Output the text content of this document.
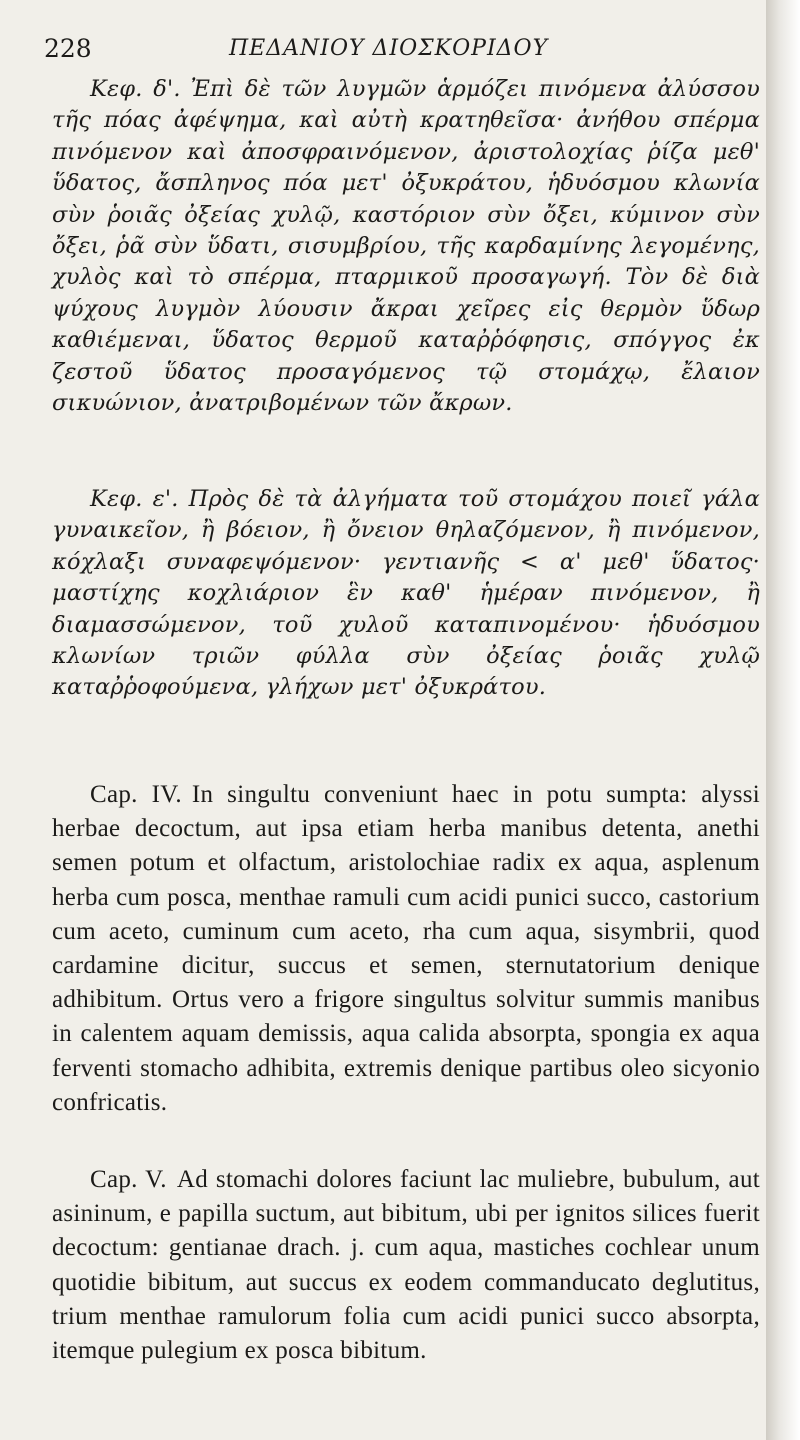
228	ΠΕΔΑΝΙΟΥ ΔΙΟΣΚΟΡΙΔΟΥ

Κεφ. δ'. Ἐπὶ δὲ τῶν λυγμῶν ἁρμόζει πινόμενα ἀλύσσου τῆς πόας ἀφέψημα, καὶ αὐτὴ κρατηθεῖσα· ἀνήθου σπέρμα πινόμενον καὶ ἀποσφραινόμενον, ἀριστολοχίας ῥίζα μεθ' ὕδατος, ἄσπληνος πόα μετ' ὀξυκράτου, ἡδυόσμου κλωνία σὺν ῥοιᾶς ὀξείας χυλῷ, καστόριον σὺν ὄξει, κύμινον σὺν ὄξει, ῥᾶ σὺν ὕδατι, σισυμβρίου, τῆς καρδαμίνης λεγομένης, χυλὸς καὶ τὸ σπέρμα, πταρμικοῦ προσαγωγή. Τὸν δὲ διὰ ψύχους λυγμὸν λύουσιν ἄκραι χεῖρες εἰς θερμὸν ὕδωρ καθιέμεναι, ὕδατος θερμοῦ καταῤῥόφησις, σπόγγος ἐκ ζεστοῦ ὕδατος προσαγόμενος τῷ στομάχῳ, ἔλαιον σικυώνιον, ἀνατριβομένων τῶν ἄκρων.

Κεφ. ε'. Πρὸς δὲ τὰ ἀλγήματα τοῦ στομάχου ποιεῖ γάλα γυναικεῖον, ἢ βόειον, ἢ ὄνειον θηλαζόμενον, ἢ πινόμενον, κόχλαξι συναφεψόμενον· γεντιανῆς < α' μεθ' ὕδατος· μαστίχης κοχλιάριον ἓν καθ' ἡμέραν πινόμενον, ἢ διαμασσώμενον, τοῦ χυλοῦ καταπινομένου· ἡδυόσμου κλωνίων τριῶν φύλλα σὺν ὀξείας ῥοιᾶς χυλῷ καταῤῥοφούμενα, γλήχων μετ' ὀξυκράτου.

Cap. IV. In singultu conveniunt haec in potu sumpta: alyssi herbae decoctum, aut ipsa etiam herba manibus detenta, anethi semen potum et olfactum, aristolochiae radix ex aqua, asplenum herba cum posca, menthae ramuli cum acidi punici succo, castorium cum aceto, cuminum cum aceto, rha cum aqua, sisymbrii, quod cardamine dicitur, succus et semen, sternutatorium denique adhibitum. Ortus vero a frigore singultus solvitur summis manibus in calentem aquam demissis, aqua calida absorpta, spongia ex aqua ferventi stomacho adhibita, extremis denique partibus oleo sicyonio confricatis.

Cap. V. Ad stomachi dolores faciunt lac muliebre, bubulum, aut asininum, e papilla suctum, aut bibitum, ubi per ignitos silices fuerit decoctum: gentianae drach. j. cum aqua, mastiches cochlear unum quotidie bibitum, aut succus ex eodem commanducato deglutitus, trium menthae ramulorum folia cum acidi punici succo absorpta, itemque pulegium ex posca bibitum.
